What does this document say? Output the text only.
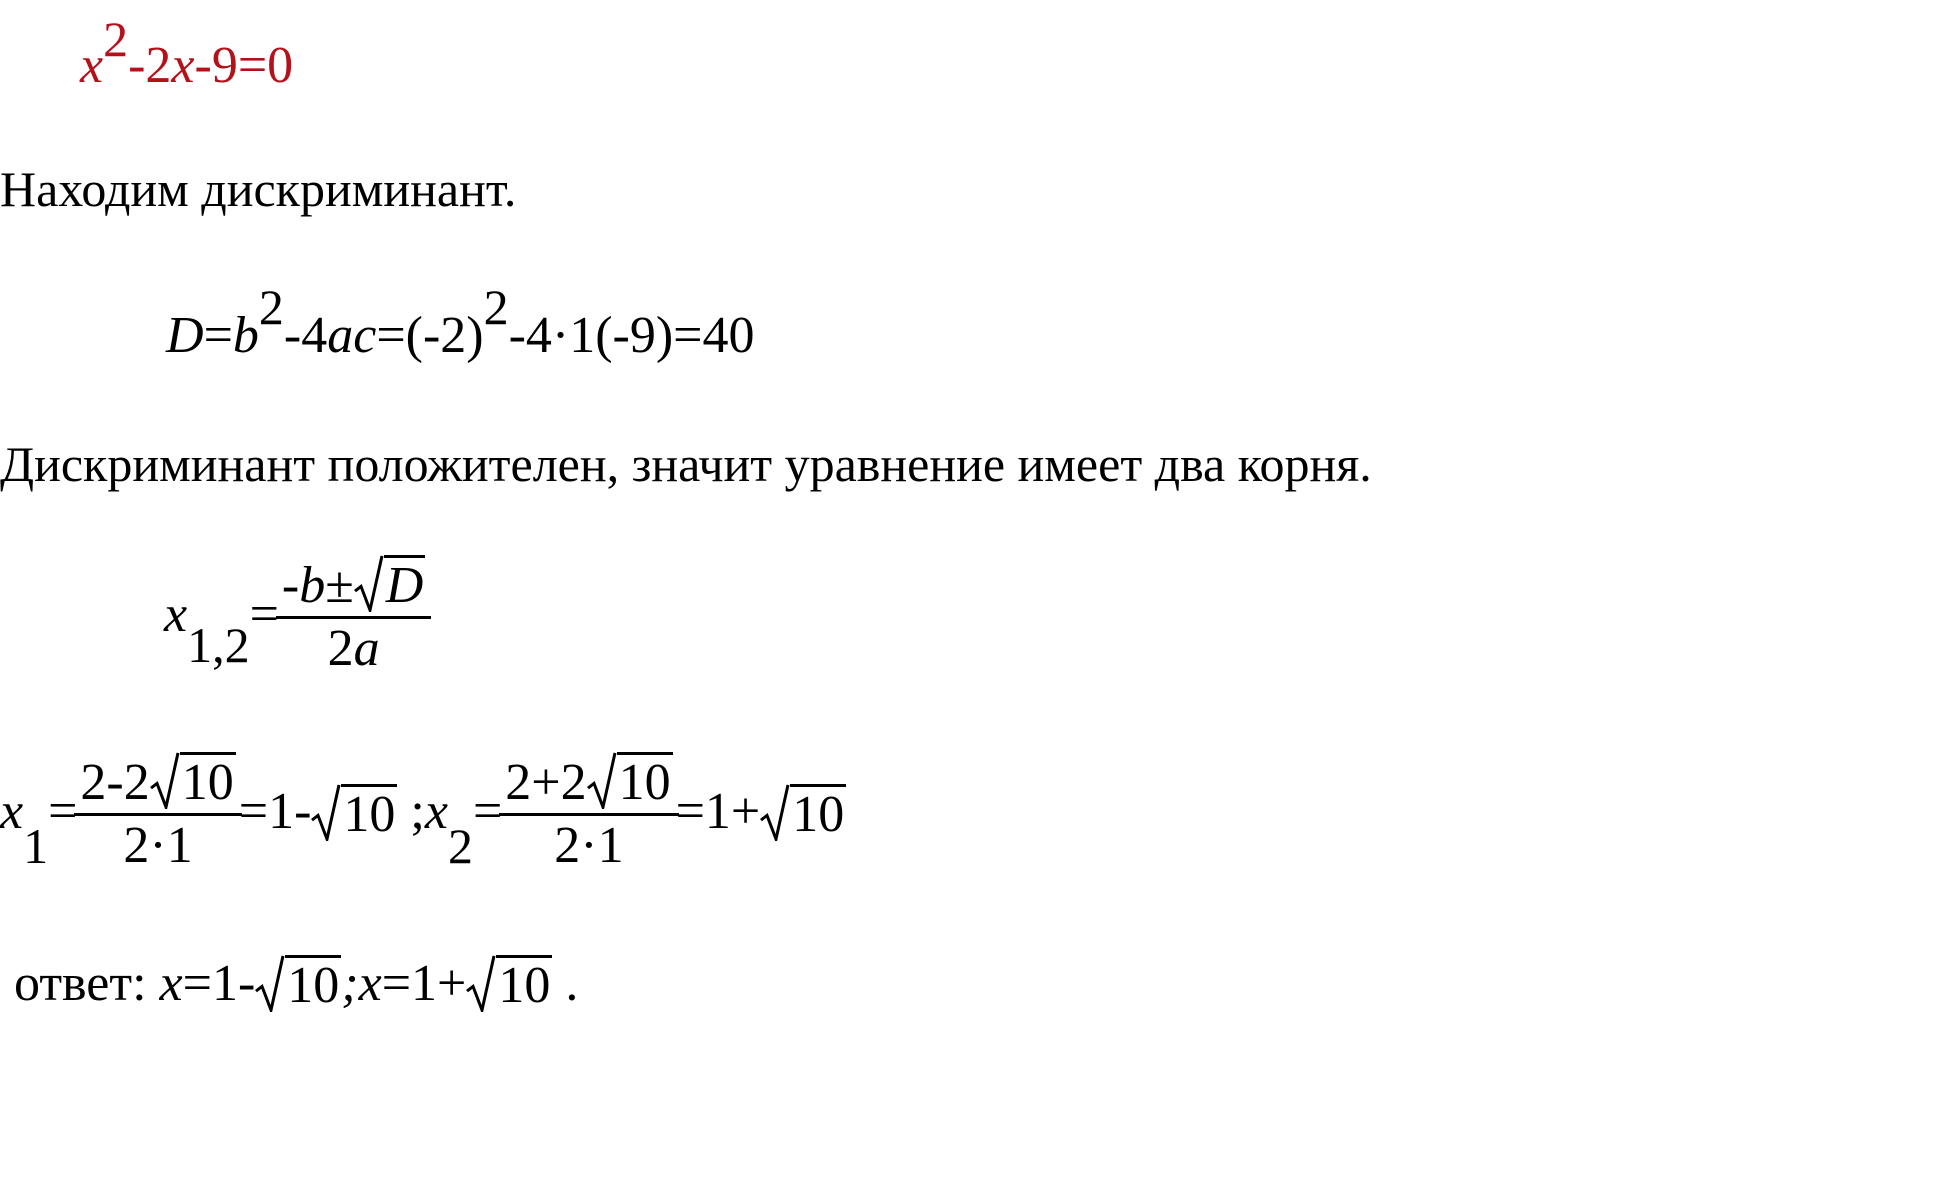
x2-2x-9=0
Находим дискриминант.
D=b2-4ac=(-2)2-4·1(-9)=40
Дискриминант положителен, значит уравнение имеет два корня.
x
1,2
= $\frac{-b\pm D}{2a}$
x
1
= $\frac{2-2 10}{2\cdot 1} =1-$ 10 ; x
2
= $\frac{2+2 10}{2\cdot 1} =1+ 10$
ответ: x =1- 10 ; x =1+ 10 .
